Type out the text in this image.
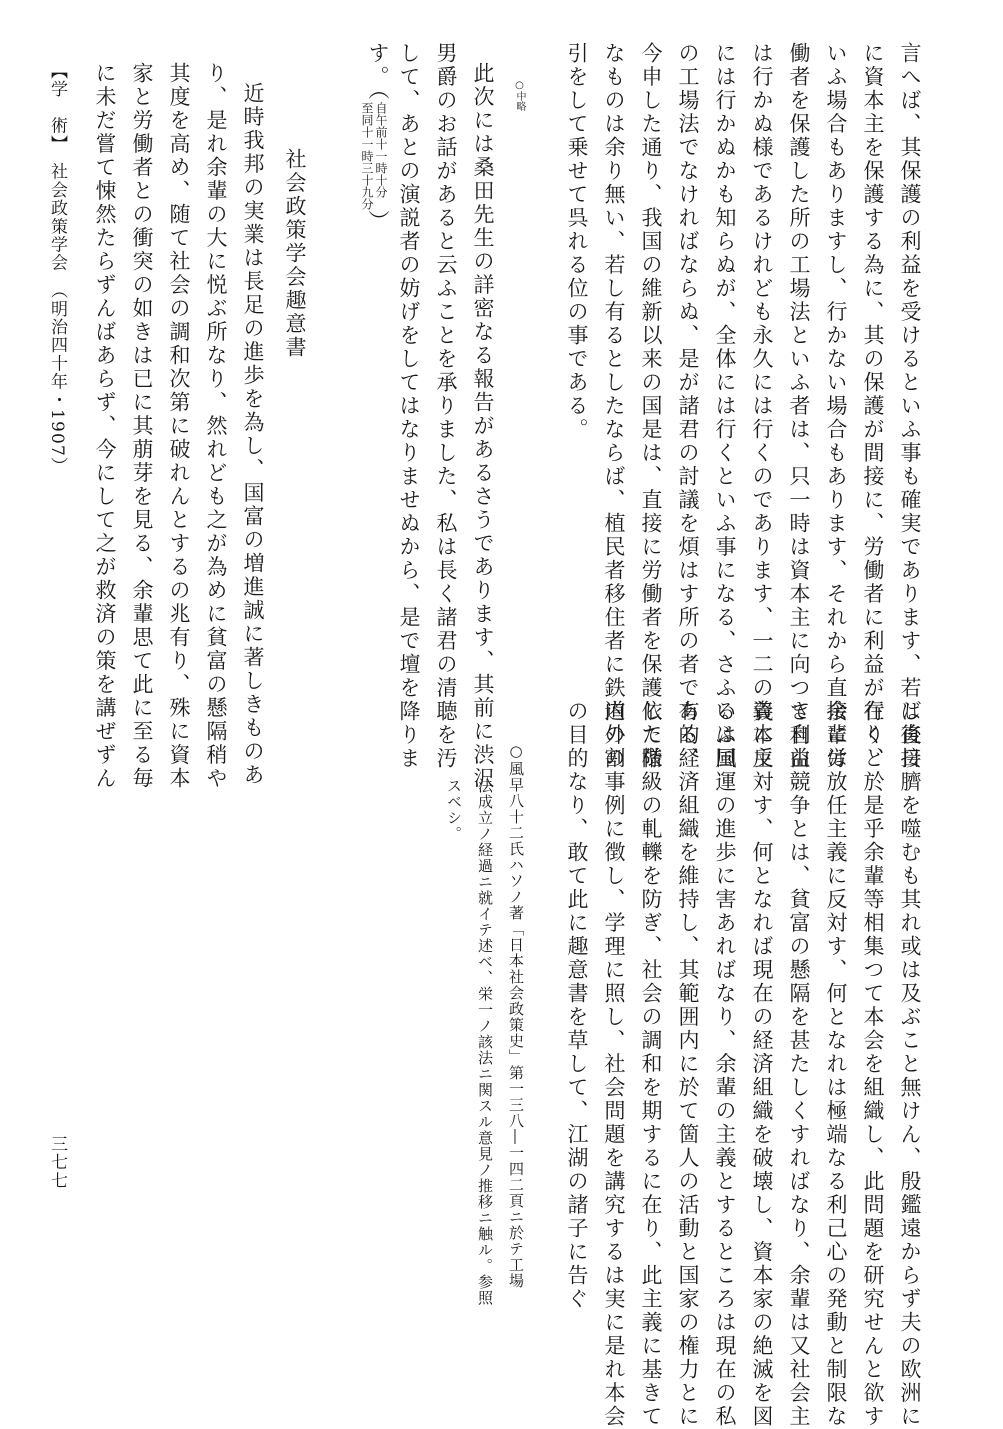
言へば、其保護の利益を受けるといふ事も確実であります、若し直接
に資本主を保護する為に、其の保護が間接に、労働者に利益が行くと
いふ場合もありますし、行かない場合もあります、それから直接に労
働者を保護した所の工場法といふ者は、只一時は資本主に向つて利益
は行かぬ様であるけれども永久には行くのであります、一二の資本主
には行かぬかも知らぬが、全体には行くといふ事になる、さふいふ風
の工場法でなければならぬ、是が諸君の討議を煩はす所の者である、
今申した通り、我国の維新以来の国是は、直接に労働者を保護した様
なものは余り無い、若し有るとしたならば、植民者移住者に鉄道の割
引をして乗せて呉れる位の事である。
○中略
此次には桑田先生の詳密なる報告があるさうであります、其前に渋沢
男爵のお話があると云ふことを承りました、私は長く諸君の清聴を汚
して、あとの演説者の妨げをしてはなりませぬから、是で壇を降りま
す。（自午前十一時十分
至同十一時三十九分）
社会政策学会趣意書
近時我邦の実業は長足の進歩を為し、国富の増進誠に著しきものあ
り、是れ余輩の大に悦ぶ所なり、然れども之が為めに貧富の懸隔稍や
其度を高め、随て社会の調和次第に破れんとするの兆有り、殊に資本
家と労働者との衝突の如きは已に其萠芽を見る、余輩思て此に至る毎
に未だ嘗て悚然たらずんばあらず、今にして之が救済の策を講ぜずん
【学　術】　社会政策学会　（明治四十年・1907）
ば後日臍を噬むも其れ或は及ぶこと無けん、殷鑑遠からず夫の欧洲に
在り、於是乎余輩等相集つて本会を組織し、此問題を研究せんと欲す
余輩は放任主義に反対す、何となれは極端なる利己心の発動と制限な
き自由競争とは、貧富の懸隔を甚たしくすればなり、余輩は又社会主
義に反対す、何となれば現在の経済組織を破壊し、資本家の絶滅を図
るは国運の進歩に害あればなり、余輩の主義とするところは現在の私
有的経済組織を維持し、其範囲内に於て箇人の活動と国家の権力とに
依て階級の軋轢を防ぎ、社会の調和を期するに在り、此主義に基きて
内外の事例に徴し、学理に照し、社会問題を講究するは実に是れ本会
の目的なり、敢て此に趣意書を草して、江湖の諸子に告ぐ
○風早八十二氏ハソノ著「日本社会政策史」第一三八―一四二頁ニ於テ工場
法成立ノ経過ニ就イテ述ベ、栄一ノ該法ニ関スル意見ノ推移ニ触ル。参照
スベシ。
三七七
